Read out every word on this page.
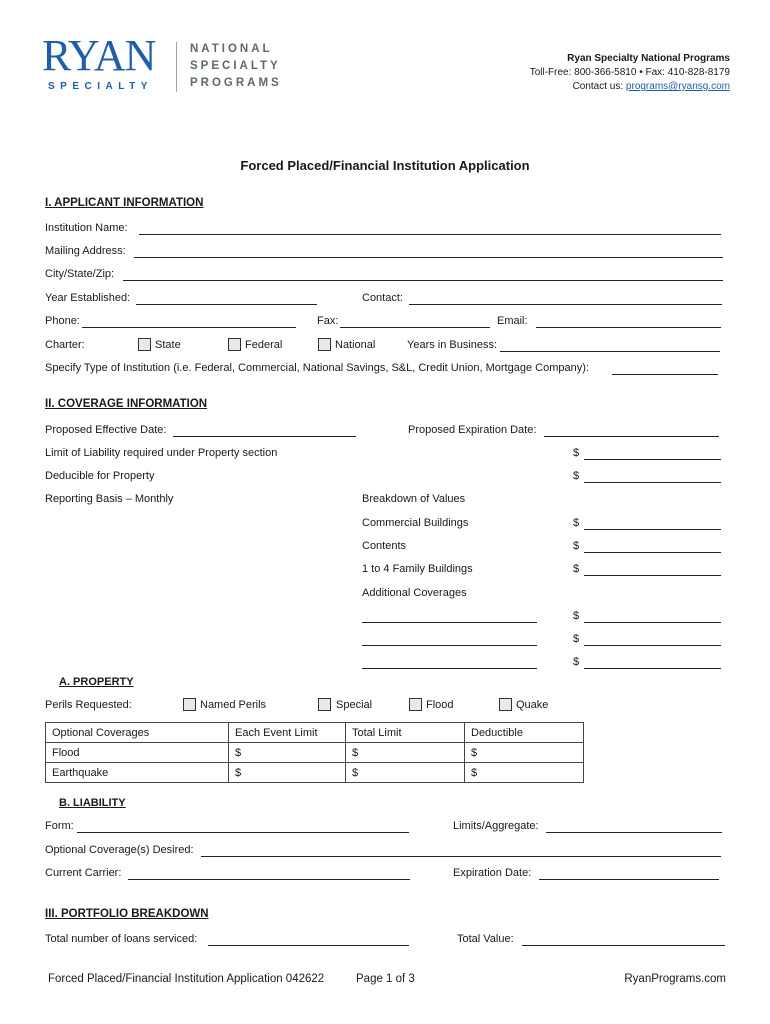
RYAN
SPECIALTY
NATIONAL
SPECIALTY
PROGRAMS
Ryan Specialty National Programs
Toll-Free: 800-366-5810 • Fax: 410-828-8179
Contact us: programs@ryansg.com
Forced Placed/Financial Institution Application
I. APPLICANT INFORMATION
Institution Name:
Mailing Address:
City/State/Zip:
Year Established:	Contact:
Phone:	Fax:	Email:
Charter:	State	Federal	National	Years in Business:
Specify Type of Institution (i.e. Federal, Commercial, National Savings, S&L, Credit Union, Mortgage Company):
II. COVERAGE INFORMATION
Proposed Effective Date:	Proposed Expiration Date:
Limit of Liability required under Property section	$
Deducible for Property	$
Reporting Basis – Monthly	Breakdown of Values
Commercial Buildings	$
Contents	$
1 to 4 Family Buildings	$
Additional Coverages
$
$
$
A. PROPERTY
Perils Requested:	Named Perils	Special	Flood	Quake
Optional Coverages	Each Event Limit	Total Limit	Deductible
Flood	$	$	$
Earthquake	$	$	$
B. LIABILITY
Form:	Limits/Aggregate:
Optional Coverage(s) Desired:
Current Carrier:	Expiration Date:
III. PORTFOLIO BREAKDOWN
Total number of loans serviced:	Total Value:
Forced Placed/Financial Institution Application 042622	Page 1 of 3	RyanPrograms.com
